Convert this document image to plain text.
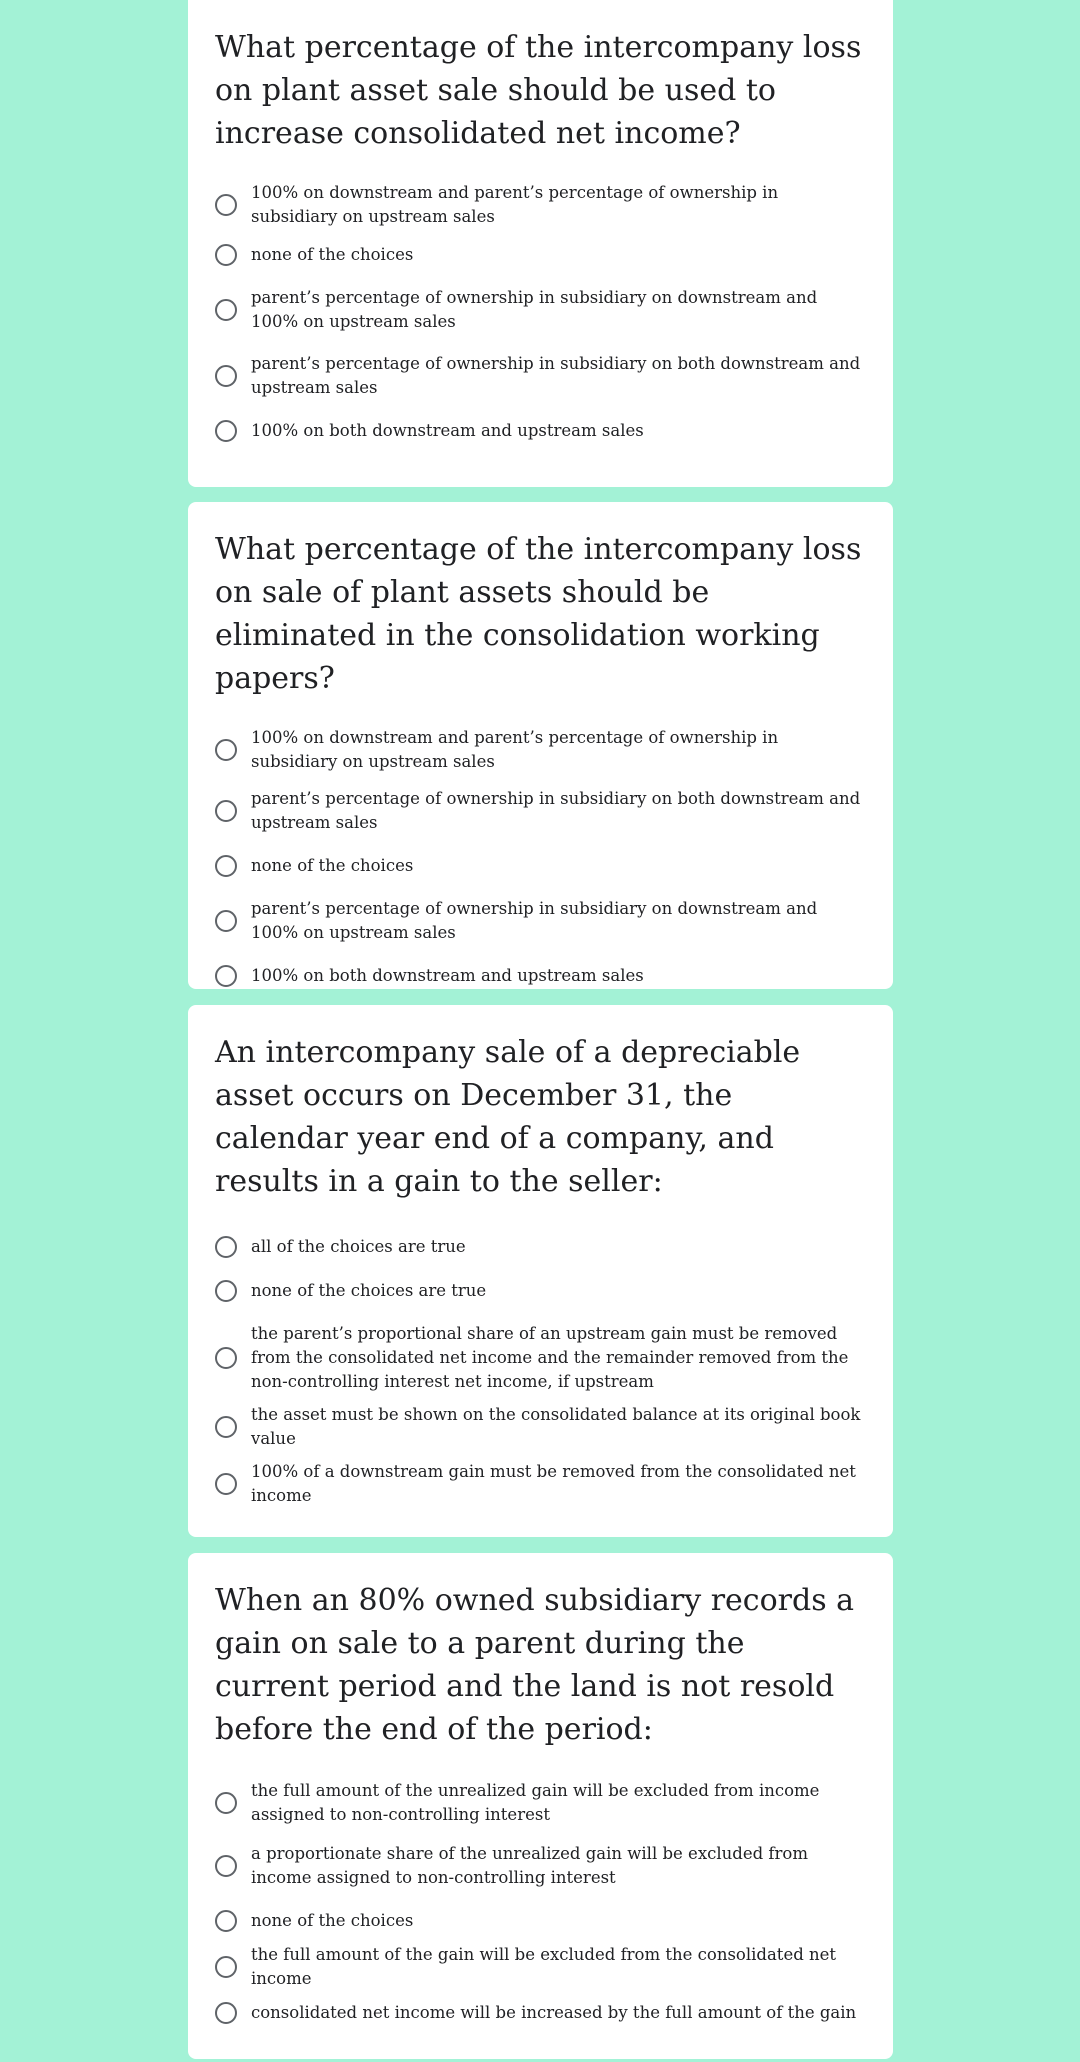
What percentage of the intercompany loss on plant asset sale should be used to increase consolidated net income?
100% on downstream and parent’s percentage of ownership in subsidiary on upstream sales
none of the choices
parent’s percentage of ownership in subsidiary on downstream and 100% on upstream sales
parent’s percentage of ownership in subsidiary on both downstream and upstream sales
100% on both downstream and upstream sales
What percentage of the intercompany loss on sale of plant assets should be eliminated in the consolidation working papers?
100% on downstream and parent’s percentage of ownership in subsidiary on upstream sales
parent’s percentage of ownership in subsidiary on both downstream and upstream sales
none of the choices
parent’s percentage of ownership in subsidiary on downstream and 100% on upstream sales
100% on both downstream and upstream sales
An intercompany sale of a depreciable asset occurs on December 31, the calendar year end of a company, and results in a gain to the seller:
all of the choices are true
none of the choices are true
the parent’s proportional share of an upstream gain must be removed from the consolidated net income and the remainder removed from the non-controlling interest net income, if upstream
the asset must be shown on the consolidated balance at its original book value
100% of a downstream gain must be removed from the consolidated net income
When an 80% owned subsidiary records a gain on sale to a parent during the current period and the land is not resold before the end of the period:
the full amount of the unrealized gain will be excluded from income assigned to non-controlling interest
a proportionate share of the unrealized gain will be excluded from income assigned to non-controlling interest
none of the choices
the full amount of the gain will be excluded from the consolidated net income
consolidated net income will be increased by the full amount of the gain
